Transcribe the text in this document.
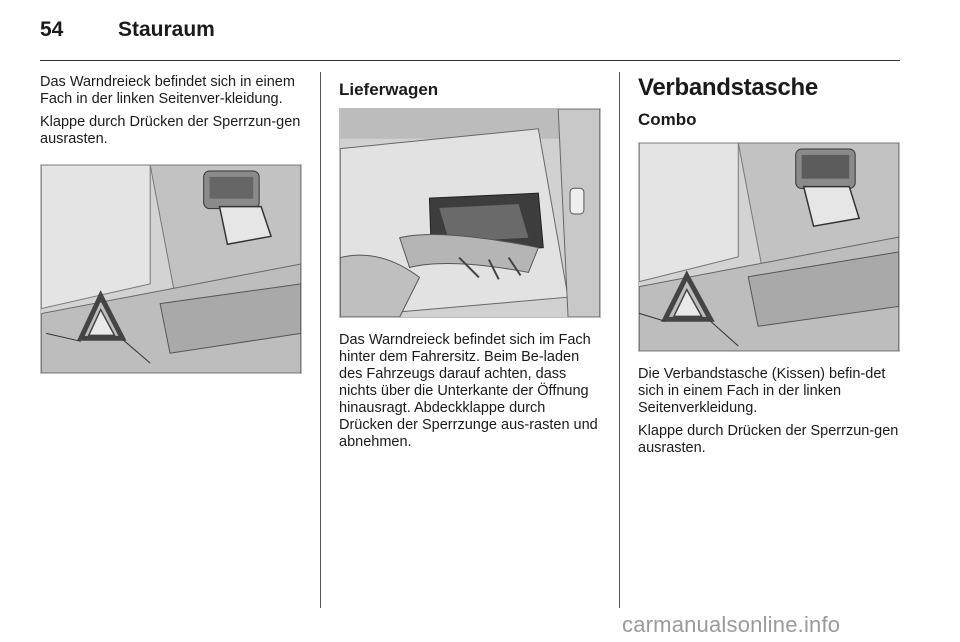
54	Stauraum

Das Warndreieck befindet sich in einem Fach in der linken Seitenver-kleidung.

Klappe durch Drücken der Sperrzun-gen ausrasten.

Lieferwagen

Das Warndreieck befindet sich im Fach hinter dem Fahrersitz. Beim Be-laden des Fahrzeugs darauf achten, dass nichts über die Unterkante der Öffnung hinausragt. Abdeckklappe durch Drücken der Sperrzunge aus-rasten und abnehmen.

Verbandstasche
Combo

Die Verbandstasche (Kissen) befin-det sich in einem Fach in der linken Seitenverkleidung.

Klappe durch Drücken der Sperrzun-gen ausrasten.

carmanualsonline.info
